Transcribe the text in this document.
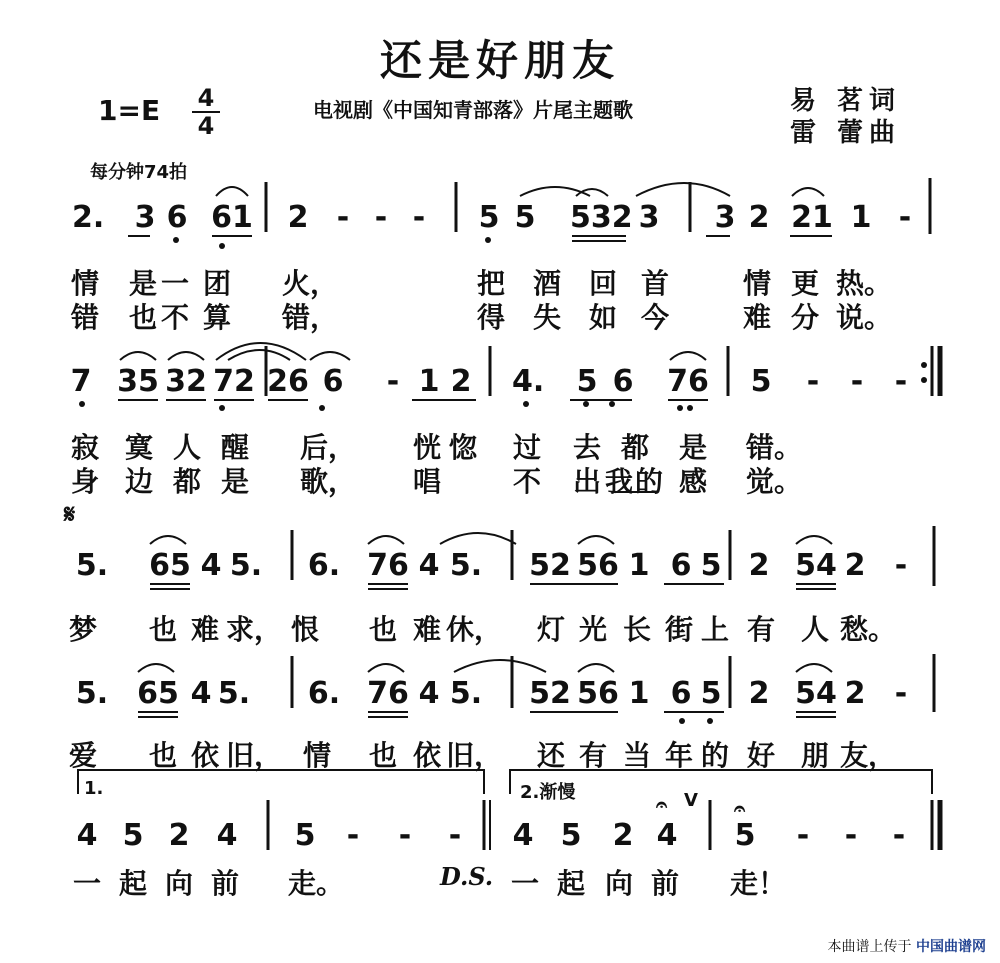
还是好朋友
1=E 4
4
电视剧《中国知青部落》片尾主题歌	易 茗词
雷 蕾曲
每分钟74拍
2. 3 6 61 2 - - - 5 5 532 3 3 2 21 1 -
情 是 一 团 火，	把 酒 回 首	情 更 热。
错 也 不 算 错，	得 失 如 今	难 分 说。
7 35 32 72 26 6 - 1 2 4. 5 6 76 5 - - -
寂 寞 人 醒 后， 恍 惚 过 去 都 是 错。
身 边 都 是 歌， 唱	不 出 我 的 感 觉。
𝄋
5. 65 4 5. 6. 76 4 5. 52 56 1 6 5 2 54 2 -
梦 也 难 求， 恨 也 难 休， 灯 光 长 街 上 有 人 愁。
5. 65 4 5. 6. 76 4 5. 52 56 1 6 5 2 54 2 -
爱 也 依 旧， 情 也 依 旧， 还 有 当 年 的 好 朋 友，
1.	2.渐慢
4 5 2 4 5 - - - 4 5 2 4 5 - - -
𝄐 V 𝄐
一 起 向 前 走。	D.S. 一 起 向 前 走！
本曲谱上传于 中国曲谱网
